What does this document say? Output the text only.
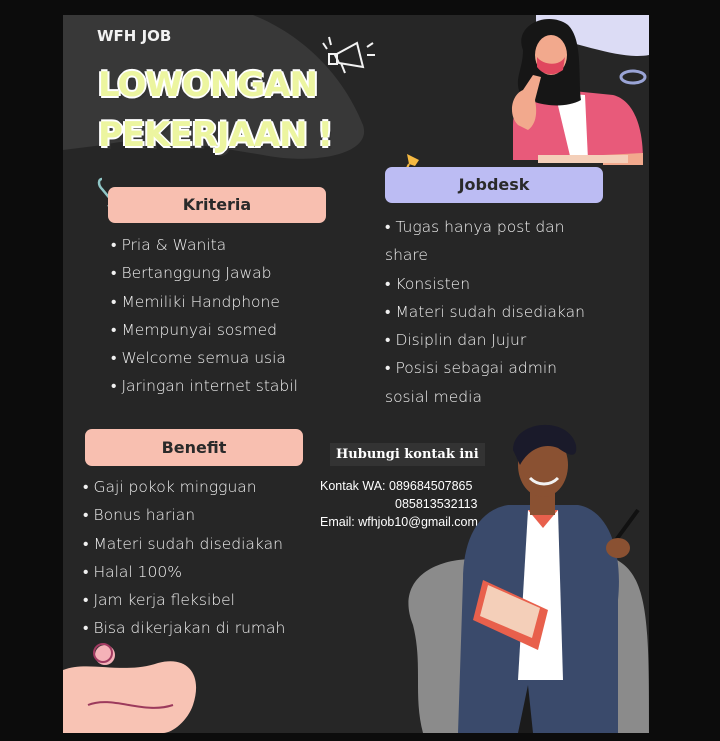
WFH JOB
LOWONGAN
PEKERJAAN !
Kriteria
• Pria & Wanita
• Bertanggung Jawab
• Memiliki Handphone
• Mempunyai sosmed
• Welcome semua usia
• Jaringan internet stabil
Jobdesk
• Tugas hanya post dan share
• Konsisten
• Materi sudah disediakan
• Disiplin dan Jujur
• Posisi sebagai admin sosial media
Benefit
• Gaji pokok mingguan
• Bonus harian
• Materi sudah disediakan
• Halal 100%
• Jam kerja fleksibel
• Bisa dikerjakan di rumah
Hubungi kontak ini
Kontak WA: 089684507865
085813532113
Email: wfhjob10@gmail.com
